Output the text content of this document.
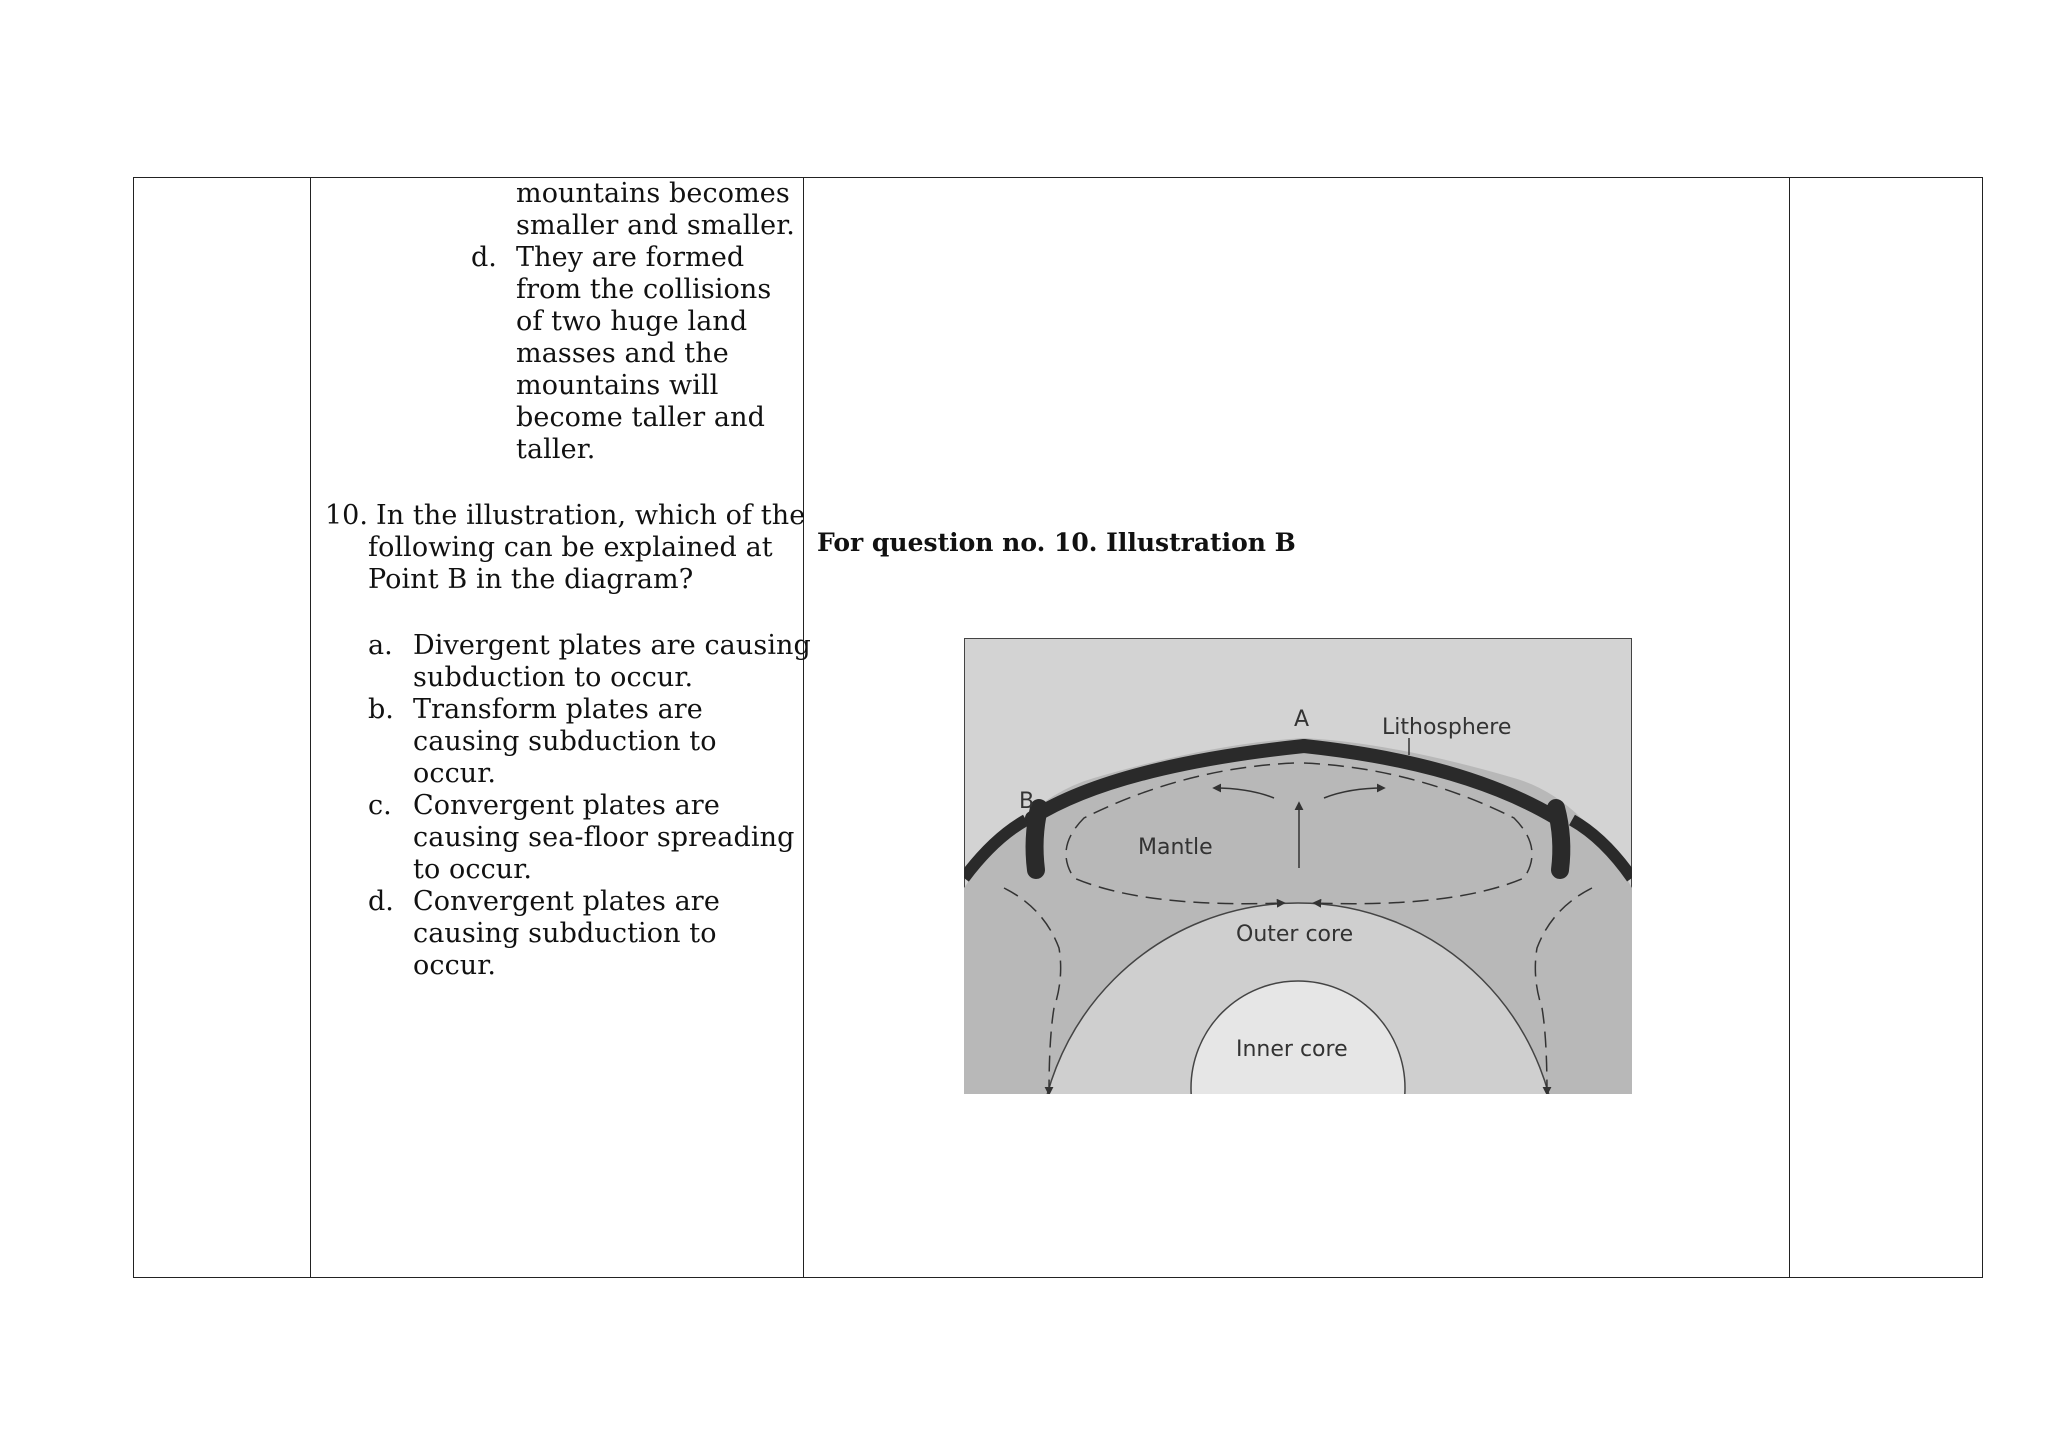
mountains becomes
smaller and smaller.
d. They are formed
from the collisions
of two huge land
masses and the
mountains will
become taller and
taller.
10. In the illustration, which of the
following can be explained at
Point B in the diagram?
a. Divergent plates are causing
subduction to occur.
b. Transform plates are
causing subduction to
occur.
c. Convergent plates are
causing sea-floor spreading
to occur.
d. Convergent plates are
causing subduction to
occur.
For question no. 10. Illustration B
A
B
Lithosphere
Mantle
Outer core
Inner core
